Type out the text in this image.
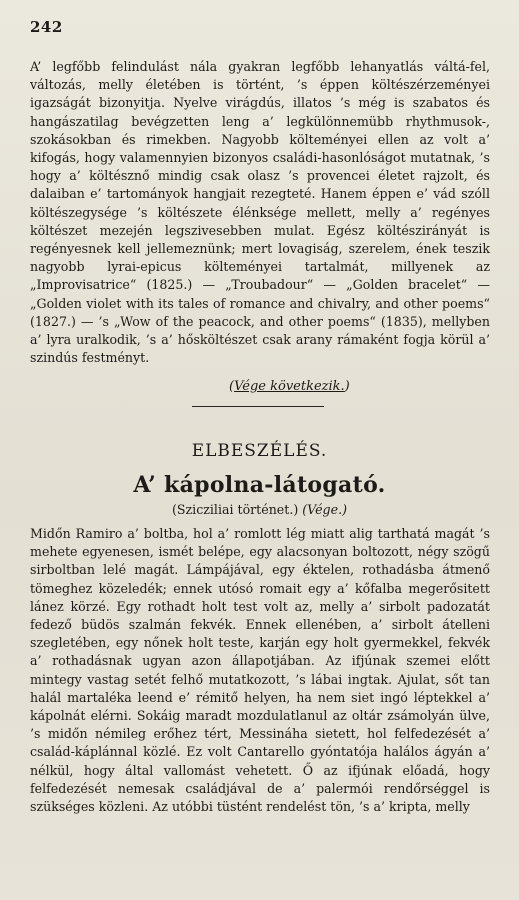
242

A’ legfőbb felindulást nála gyakran legfőbb lehanyatlás váltá-fel, változás, melly életében is történt, ’s éppen költészérzeményei igazságát bizonyitja. Nyelve virágdús, illatos ’s még is szabatos és hangászatilag bevégzetten leng a’ legkülönnemübb rhythmusok-, szokásokban és rimekben. Nagyobb költeményei ellen az volt a’ kifogás, hogy valamennyien bizonyos családi-hasonlóságot mutatnak, ’s hogy a’ költésznő mindig csak olasz ’s provencei életet rajzolt, és dalaiban e’ tartományok hangjait rezegteté. Hanem éppen e’ vád szóll költészegysége ’s költészete élénksége mellett, melly a’ regényes költészet mezején legszivesebben mulat. Egész költészirányát is regényesnek kell jellemeznünk; mert lovagiság, szerelem, ének teszik nagyobb lyrai-epicus költeményei tartalmát, millyenek az „Improvisatrice“ (1825.) — „Troubadour“ — „Golden bracelet“ — „Golden violet with its tales of romance and chivalry, and other poems“ (1827.) — ’s „Wow of the peacock, and other poems“ (1835), mellyben a’ lyra uralkodik, ’s a’ hősköltészet csak arany rámaként fogja körül a’ szindús festményt.

(Vége következik.)
ELBESZÉLÉS.
A’ kápolna-látogató.

(Szicziliai történet.) (Vége.)

Midőn Ramiro a’ boltba, hol a’ romlott lég miatt alig tarthatá magát ’s mehete egyenesen, ismét belépe, egy alacsonyan boltozott, négy szögű sirboltban lelé magát. Lámpájával, egy éktelen, rothadásba átmenő tömeghez közeledék; ennek utósó romait egy a’ kőfalba megerősitett lánez körzé. Egy rothadt holt test volt az, melly a’ sirbolt padozatát fedező büdös szalmán fekvék. Ennek ellenében, a’ sirbolt átelleni szegletében, egy nőnek holt teste, karján egy holt gyermekkel, fekvék a’ rothadásnak ugyan azon állapotjában. Az ifjúnak szemei előtt mintegy vastag setét felhő mutatkozott, ’s lábai ingtak. Ajulat, sőt tan halál martaléka leend e’ rémitő helyen, ha nem siet ingó léptekkel a’ kápolnát elérni. Sokáig maradt mozdulatlanul az oltár zsámolyán ülve, ’s midőn némileg erőhez tért, Messináha sietett, hol felfedezését a’ család-káplánnal közlé. Ez volt Cantarello gyóntatója halálos ágyán a’ nélkül, hogy által vallomást vehetett. Ő az ifjúnak előadá, hogy felfedezését nemesak családjával de a’ palermói rendőrséggel is szükséges közleni. Az utóbbi tüstént rendelést tön, ’s a’ kripta, melly
